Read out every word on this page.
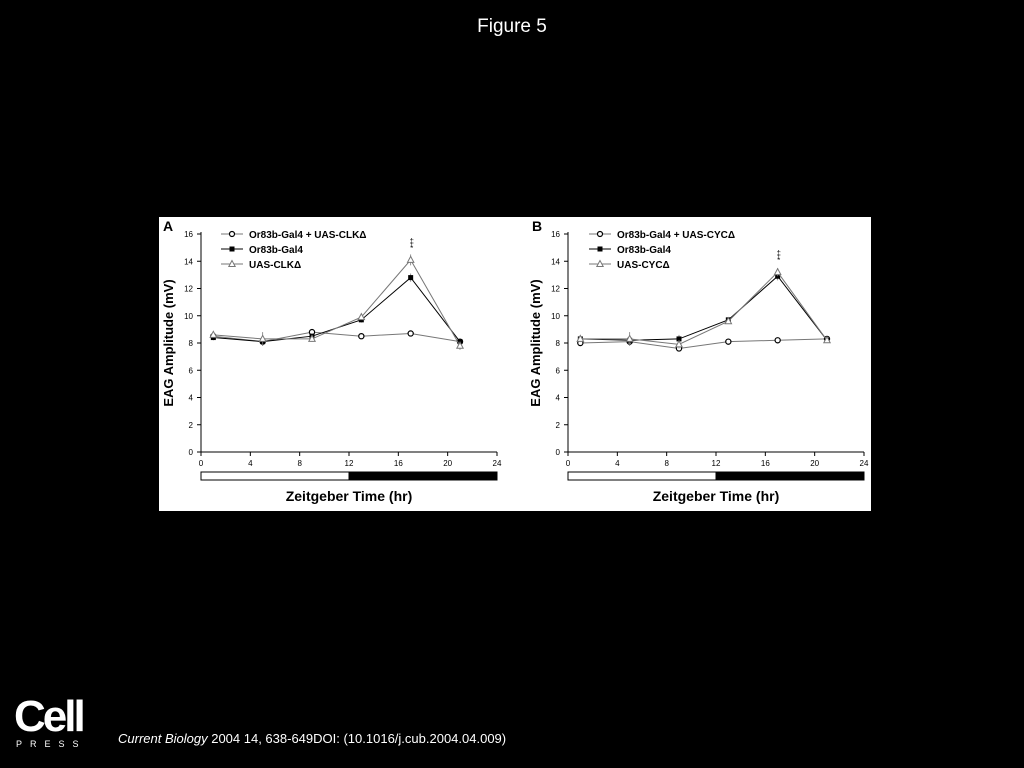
Figure 5
A
0
2
4
6
8
10
12
14
16
0	4	8	12	16	20	24
EAG Amplitude (mV)
Zeitgeber Time (hr)
‡
*
Or83b-Gal4 + UAS-CLKΔ
Or83b-Gal4
UAS-CLKΔ
B
0
2
4
6
8
10
12
14
16
0	4	8	12	16	20	24
EAG Amplitude (mV)
Zeitgeber Time (hr)
‡
*
Or83b-Gal4 + UAS-CYCΔ
Or83b-Gal4
UAS-CYCΔ
Cell
PRESS Current Biology 2004 14, 638-649DOI: (10.1016/j.cub.2004.04.009)
